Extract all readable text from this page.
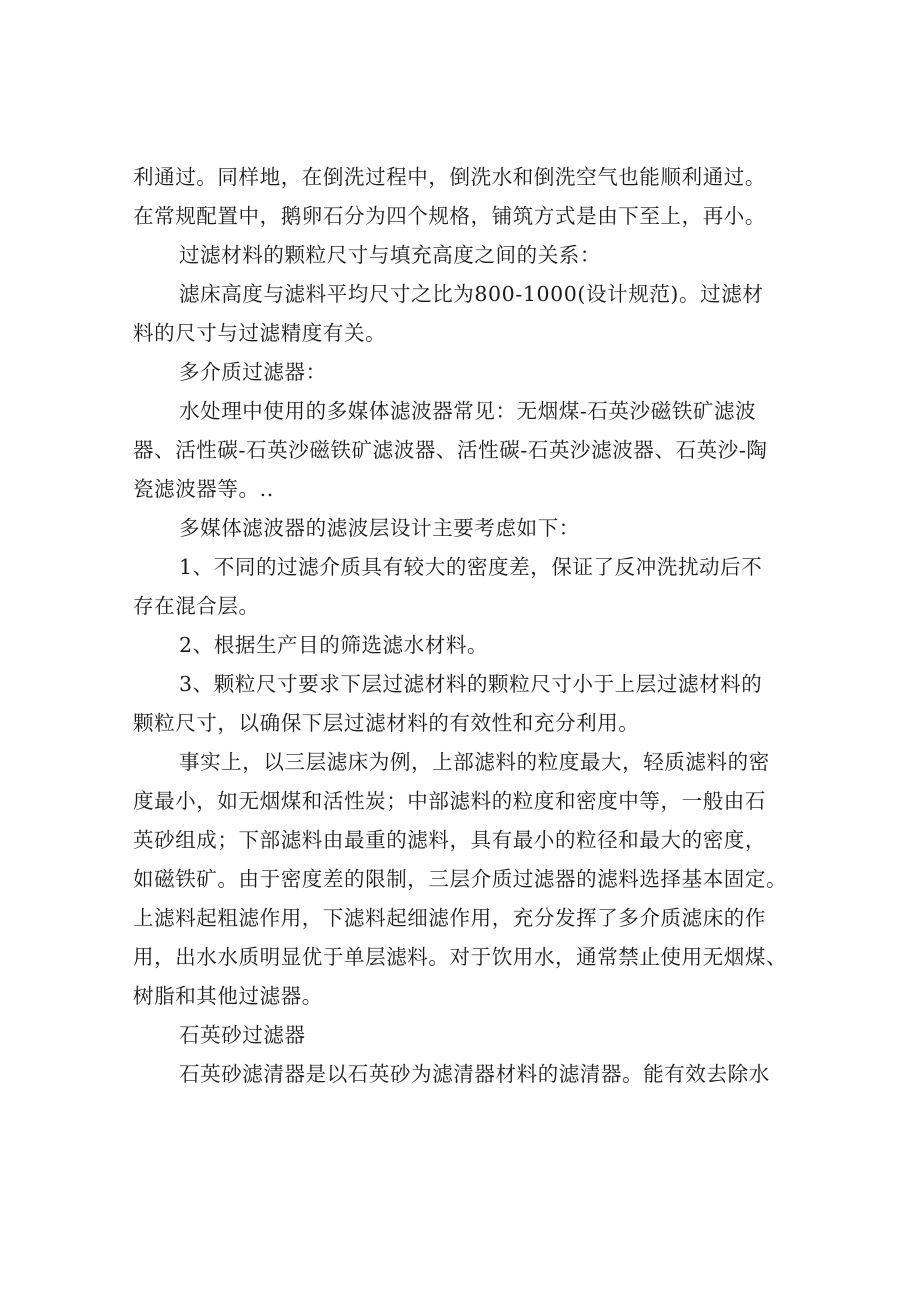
利通过。同样地，在倒洗过程中，倒洗水和倒洗空气也能顺利通过。

在常规配置中，鹅卵石分为四个规格，铺筑方式是由下至上，再小。

过滤材料的颗粒尺寸与填充高度之间的关系：

滤床高度与滤料平均尺寸之比为800-1000(设计规范)。过滤材

料的尺寸与过滤精度有关。

多介质过滤器：

水处理中使用的多媒体滤波器常见：无烟煤-石英沙磁铁矿滤波

器、活性碳-石英沙磁铁矿滤波器、活性碳-石英沙滤波器、石英沙-陶

瓷滤波器等。..

多媒体滤波器的滤波层设计主要考虑如下：

1、不同的过滤介质具有较大的密度差，保证了反冲洗扰动后不

存在混合层。

2、根据生产目的筛选滤水材料。

3、颗粒尺寸要求下层过滤材料的颗粒尺寸小于上层过滤材料的

颗粒尺寸，以确保下层过滤材料的有效性和充分利用。

事实上，以三层滤床为例，上部滤料的粒度最大，轻质滤料的密

度最小，如无烟煤和活性炭；中部滤料的粒度和密度中等，一般由石

英砂组成；下部滤料由最重的滤料，具有最小的粒径和最大的密度，

如磁铁矿。由于密度差的限制，三层介质过滤器的滤料选择基本固定。

上滤料起粗滤作用，下滤料起细滤作用，充分发挥了多介质滤床的作

用，出水水质明显优于单层滤料。对于饮用水，通常禁止使用无烟煤、

树脂和其他过滤器。

石英砂过滤器

石英砂滤清器是以石英砂为滤清器材料的滤清器。能有效去除水
